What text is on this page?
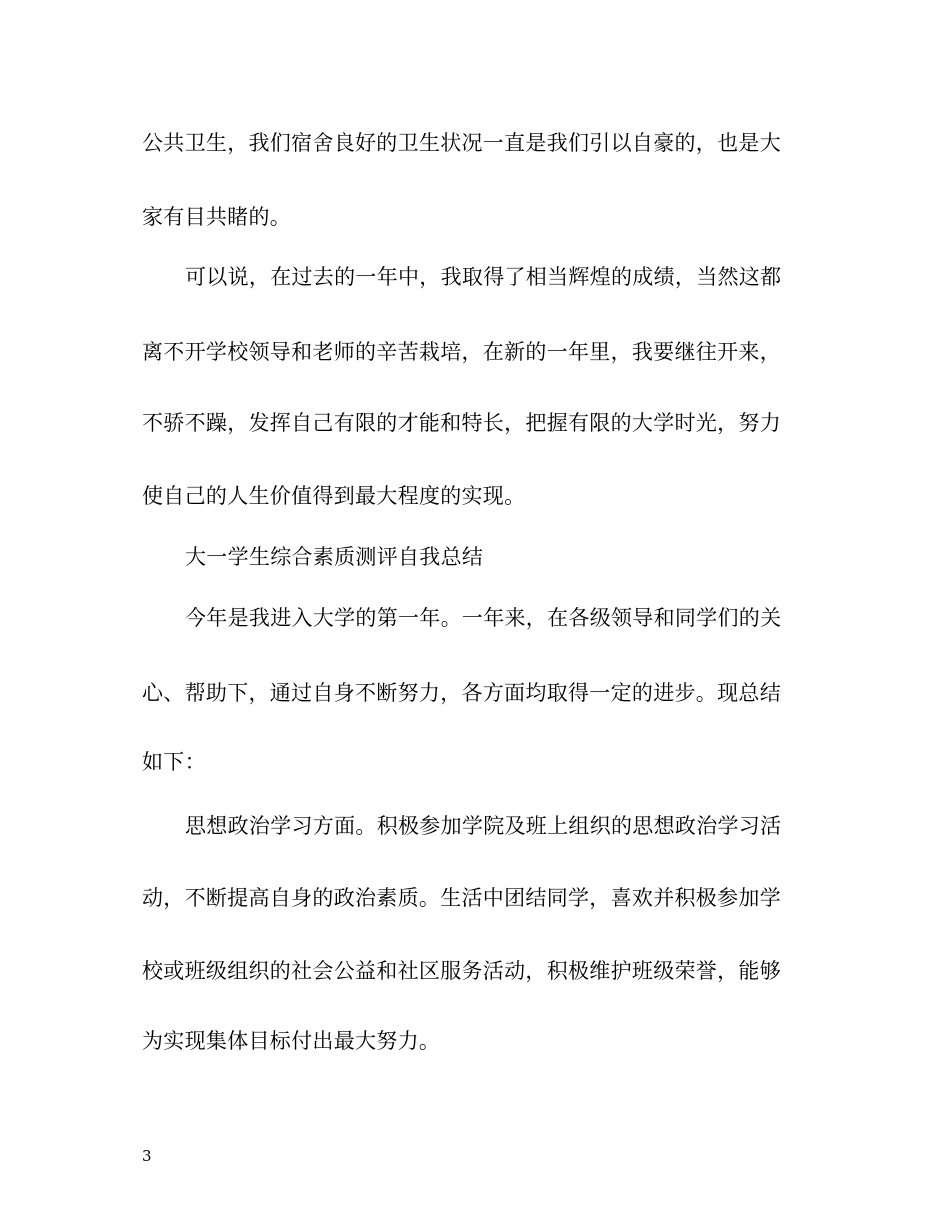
公共卫生，我们宿舍良好的卫生状况一直是我们引以自豪的，也是大
家有目共睹的。
可以说，在过去的一年中，我取得了相当辉煌的成绩，当然这都
离不开学校领导和老师的辛苦栽培，在新的一年里，我要继往开来，
不骄不躁，发挥自己有限的才能和特长，把握有限的大学时光，努力
使自己的人生价值得到最大程度的实现。
大一学生综合素质测评自我总结
今年是我进入大学的第一年。一年来，在各级领导和同学们的关
心、帮助下，通过自身不断努力，各方面均取得一定的进步。现总结
如下：
思想政治学习方面。积极参加学院及班上组织的思想政治学习活
动，不断提高自身的政治素质。生活中团结同学，喜欢并积极参加学
校或班级组织的社会公益和社区服务活动，积极维护班级荣誉，能够
为实现集体目标付出最大努力。
3
